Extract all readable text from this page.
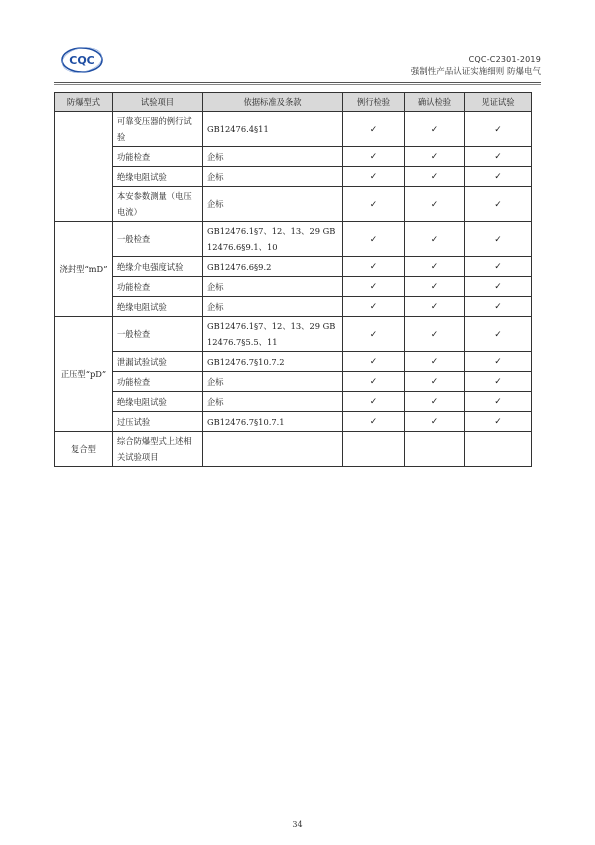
CQC	CQC-C2301-2019
强制性产品认证实施细则 防爆电气
防爆型式	试验项目	依据标准及条款	例行检验	确认检验	见证试验
	可靠变压器的例行试验	GB12476.4§11	✓	✓	✓
	功能检查	企标	✓	✓	✓
	绝缘电阻试验	企标	✓	✓	✓
	本安参数测量（电压电流）	企标	✓	✓	✓
浇封型“mD”	一般检查	GB12476.1§7、12、13、29 GB12476.6§9.1、10	✓	✓	✓
	绝缘介电强度试验	GB12476.6§9.2	✓	✓	✓
	功能检查	企标	✓	✓	✓
	绝缘电阻试验	企标	✓	✓	✓
正压型“pD”	一般检查	GB12476.1§7、12、13、29 GB12476.7§5.5、11	✓	✓	✓
	泄漏试验试验	GB12476.7§10.7.2	✓	✓	✓
	功能检查	企标	✓	✓	✓
	绝缘电阻试验	企标	✓	✓	✓
	过压试验	GB12476.7§10.7.1	✓	✓	✓
复合型	综合防爆型式上述相关试验项目				
34
